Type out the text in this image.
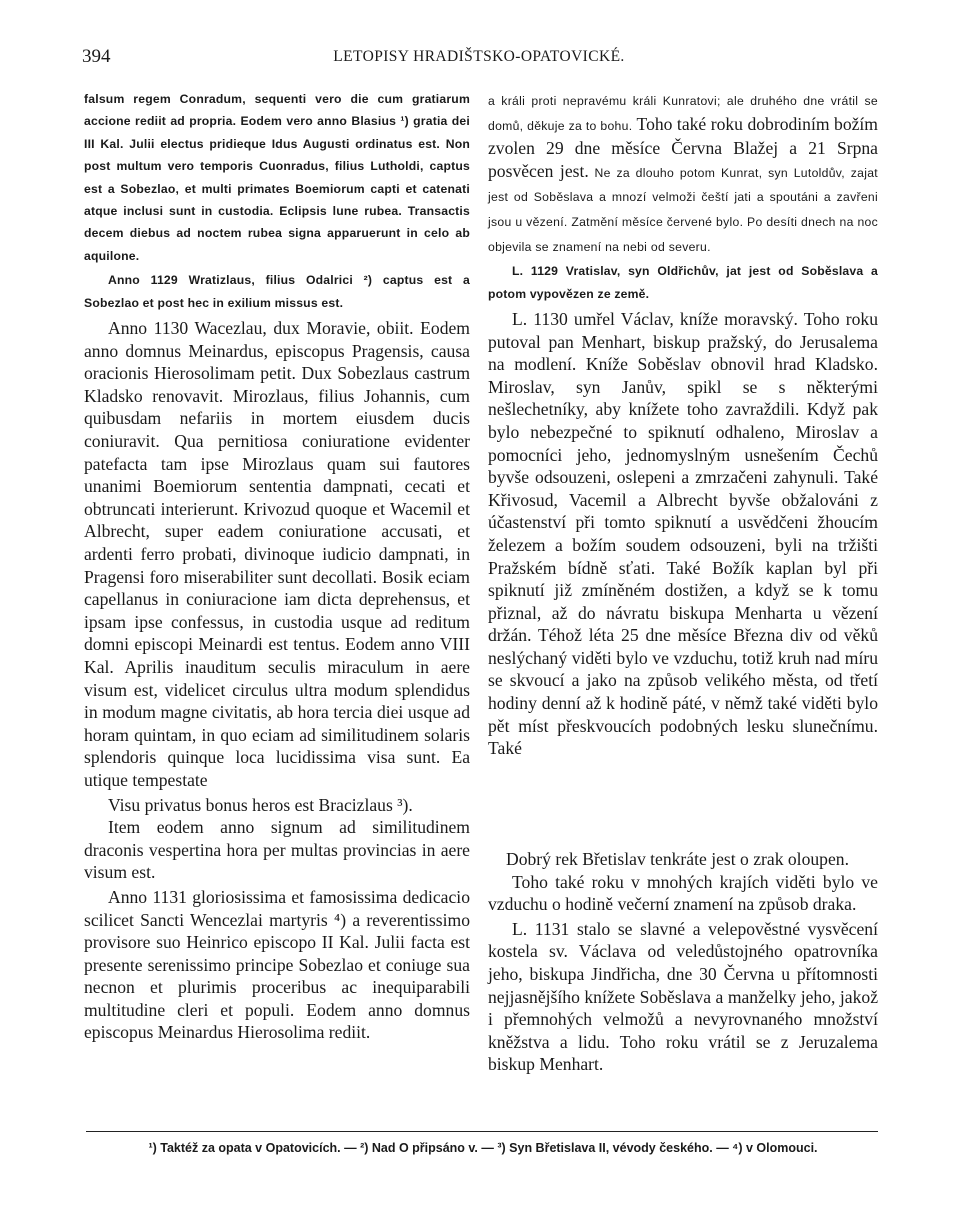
394	LETOPISY HRADIŠTSKO-OPATOVICKÉ.

falsum regem Conradum, sequenti vero die cum gratiarum accione rediit ad propria. Eodem vero anno Blasius ¹) gratia dei III Kal. Julii electus pridieque Idus Augusti ordinatus est. Non post multum vero temporis Cuonradus, filius Lutholdi, captus est a Sobezlao, et multi primates Boemiorum capti et catenati atque inclusi sunt in custodia. Eclipsis lune rubea. Transactis decem diebus ad noctem rubea signa apparuerunt in celo ab aquilone.

Anno 1129 Wratizlaus, filius Odalrici ²) captus est a Sobezlao et post hec in exilium missus est.

Anno 1130 Wacezlau, dux Moravie, obiit. Eodem anno domnus Meinardus, episcopus Pragensis, causa oracionis Hierosolimam petit. Dux Sobezlaus castrum Kladsko renovavit. Mirozlaus, filius Johannis, cum quibusdam nefariis in mortem eiusdem ducis coniuravit. Qua pernitiosa coniuratione evidenter patefacta tam ipse Mirozlaus quam sui fautores unanimi Boemiorum sententia dampnati, cecati et obtruncati interierunt. Krivozud quoque et Wacemil et Albrecht, super eadem coniuratione accusati, et ardenti ferro probati, divinoque iudicio dampnati, in Pragensi foro miserabiliter sunt decollati. Bosik eciam capellanus in coniuracione iam dicta deprehensus, et ipsam ipse confessus, in custodia usque ad reditum domni episcopi Meinardi est tentus. Eodem anno VIII Kal. Aprilis inauditum seculis miraculum in aere visum est, videlicet circulus ultra modum splendidus in modum magne civitatis, ab hora tercia diei usque ad horam quintam, in quo eciam ad similitudinem solaris splendoris quinque loca lucidissima visa sunt. Ea utique tempestate

Visu privatus bonus heros est Bracizlaus ³).

Item eodem anno signum ad similitudinem draconis vespertina hora per multas provincias in aere visum est.

Anno 1131 gloriosissima et famosissima dedicacio scilicet Sancti Wencezlai martyris ⁴) a reverentissimo provisore suo Heinrico episcopo II Kal. Julii facta est presente serenissimo principe Sobezlao et coniuge sua necnon et plurimis proceribus ac inequiparabili multitudine cleri et populi. Eodem anno domnus episcopus Meinardus Hierosolima rediit.

a králi proti nepravému králi Kunratovi; ale druhého dne vrátil se domů, děkuje za to bohu. Toho také roku dobrodiním božím zvolen 29 dne měsíce Června Blažej a 21 Srpna posvěcen jest. Ne za dlouho potom Kunrat, syn Lutoldův, zajat jest od Soběslava a mnozí velmoži čeští jati a spoutáni a zavřeni jsou u vězení. Zatmění měsíce červené bylo. Po desíti dnech na noc objevila se znamení na nebi od severu.

L. 1129 Vratislav, syn Oldřichův, jat jest od Soběslava a potom vypovězen ze země.

L. 1130 umřel Václav, kníže moravský. Toho roku putoval pan Menhart, biskup pražský, do Jerusalema na modlení. Kníže Soběslav obnovil hrad Kladsko. Miroslav, syn Janův, spikl se s některými nešlechetníky, aby knížete toho zavraždili. Když pak bylo nebezpečné to spiknutí odhaleno, Miroslav a pomocníci jeho, jednomyslným usnešením Čechů byvše odsouzeni, oslepeni a zmrzačeni zahynuli. Také Křivosud, Vacemil a Albrecht byvše obžalováni z účastenství při tomto spiknutí a usvědčeni žhoucím železem a božím soudem odsouzeni, byli na tržišti Pražském bídně sťati. Také Božík kaplan byl při spiknutí již zmíněném dostižen, a když se k tomu přiznal, až do návratu biskupa Menharta u vězení držán. Téhož léta 25 dne měsíce Března div od věků neslýchaný viděti bylo ve vzduchu, totiž kruh nad míru se skvoucí a jako na způsob velikého města, od třetí hodiny denní až k hodině páté, v němž také viděti bylo pět míst přeskvoucích podobných lesku slunečnímu. Také

Dobrý rek Břetislav tenkráte jest o zrak oloupen.

Toho také roku v mnohých krajích viděti bylo ve vzduchu o hodině večerní znamení na způsob draka.

L. 1131 stalo se slavné a velepověstné vysvěcení kostela sv. Václava od veledůstojného opatrovníka jeho, biskupa Jindřicha, dne 30 Června u přítomnosti nejjasnějšího knížete Soběslava a manželky jeho, jakož i přemnohých velmožů a nevyrovnaného množství kněžstva a lidu. Toho roku vrátil se z Jeruzalema biskup Menhart.

¹) Taktéž za opata v Opatovicích. — ²) Nad O připsáno v. — ³) Syn Břetislava II, vévody českého. — ⁴) v Olomouci.
